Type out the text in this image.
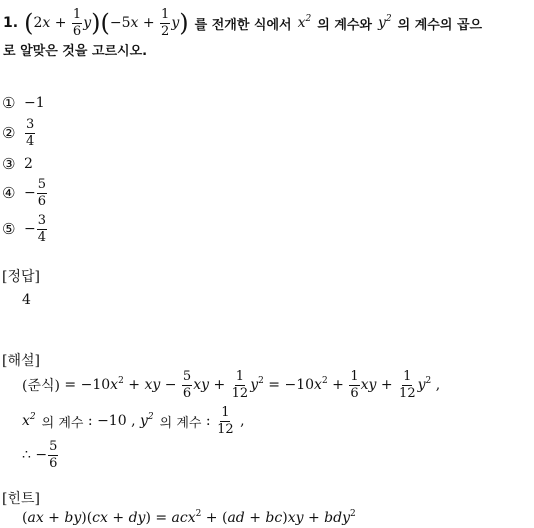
1. ( $2x + \frac{1}{6}$ y ) ( $-5x + \frac{1}{2}$ y ) 를 전개한 식에서 $x^2$ 의 계수와 $y^2$ 의 계수의 곱으
로 알맞은 것을 고르시오.
① −1
② $\frac{3}{4}$
③ 2
④ − $\frac{5}{6}$
⑤ − $\frac{3}{4}$
[정답]
4
[해설]
(준식) = $-10x^2$ + xy − $\frac{5}{6}$ xy + $\frac{1}{12} y^2 = -10x^2 + \frac{1}{6}$ xy + $\frac{1}{12} y^2$ ,
$x^2$ 의 계수 : −10 , $y^2$ 의 계수 : $\frac{1}{12}$ ,
∴ − $\frac{5}{6}$
[힌트]
(ax + by)(cx + dy) = acx$^2$ + (ad + bc)xy + bdy$^2$
